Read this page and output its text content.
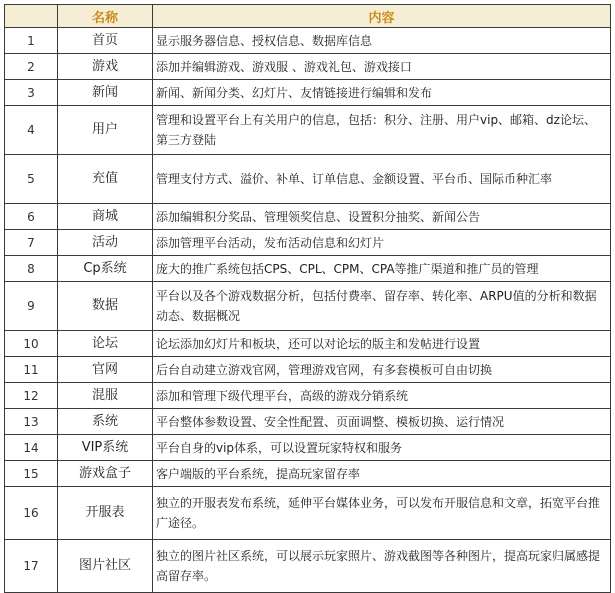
	名称	内容
1	首页	显示服务器信息、授权信息、数据库信息
2	游戏	添加并编辑游戏、游戏服 、游戏礼包、游戏接口
3	新闻	新闻、新闻分类、幻灯片、友情链接进行编辑和发布
4	用户	管理和设置平台上有关用户的信息，包括：积分、注册、用户vip、邮箱、dz论坛、第三方登陆
5	充值	管理支付方式、溢价、补单、订单信息、金额设置、平台币、国际币种汇率
6	商城	添加编辑积分奖品、管理领奖信息、设置积分抽奖、新闻公告
7	活动	添加管理平台活动，发布活动信息和幻灯片
8	Cp系统	庞大的推广系统包括CPS、CPL、CPM、CPA等推广渠道和推广员的管理
9	数据	平台以及各个游戏数据分析，包括付费率、留存率、转化率、ARPU值的分析和数据动态、数据概况
10	论坛	论坛添加幻灯片和板块，还可以对论坛的版主和发帖进行设置
11	官网	后台自动建立游戏官网，管理游戏官网，有多套模板可自由切换
12	混服	添加和管理下级代理平台，高级的游戏分销系统
13	系统	平台整体参数设置、安全性配置、页面调整、模板切换、运行情况
14	VIP系统	平台自身的vip体系，可以设置玩家特权和服务
15	游戏盒子	客户端版的平台系统，提高玩家留存率
16	开服表	独立的开服表发布系统，延伸平台媒体业务，可以发布开服信息和文章，拓宽平台推广途径。
17	图片社区	独立的图片社区系统，可以展示玩家照片、游戏截图等各种图片，提高玩家归属感提高留存率。
